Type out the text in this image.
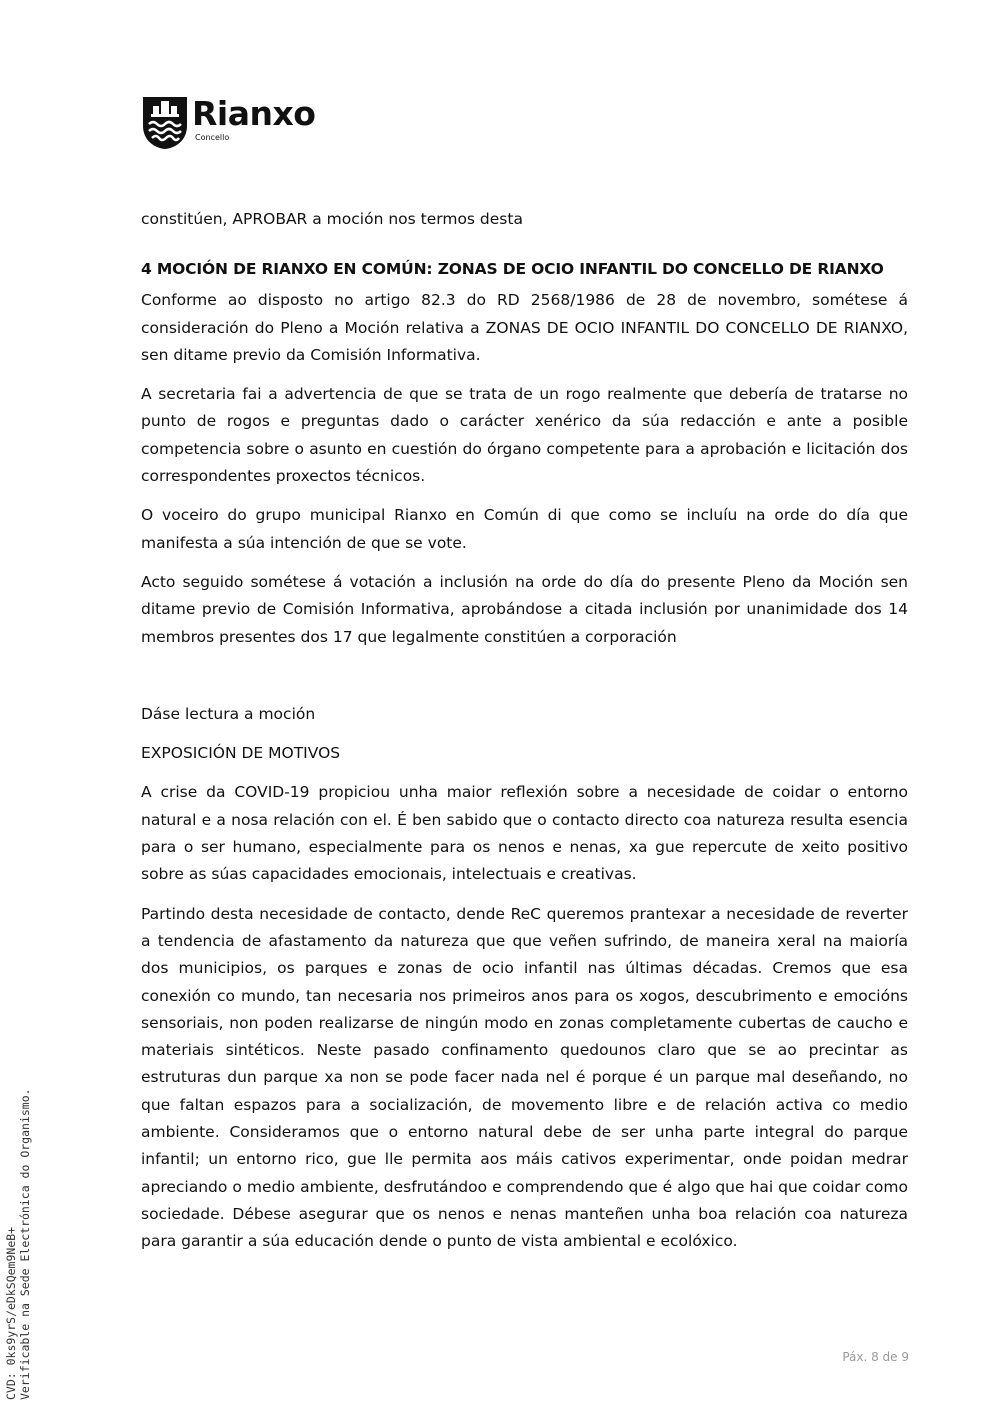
Rianxo
Concello

constitúen, APROBAR a moción nos termos desta

4 MOCIÓN DE RIANXO EN COMÚN: ZONAS DE OCIO INFANTIL DO CONCELLO DE RIANXO

Conforme ao disposto no artigo 82.3 do RD 2568/1986 de 28 de novembro, sométese á consideración do Pleno a Moción relativa a ZONAS DE OCIO INFANTIL DO CONCELLO DE RIANXO, sen ditame previo da Comisión Informativa.

A secretaria fai a advertencia de que se trata de un rogo realmente que debería de tratarse no punto de rogos e preguntas dado o carácter xenérico da súa redacción e ante a posible competencia sobre o asunto en cuestión do órgano competente para a aprobación e licitación dos correspondentes proxectos técnicos.

O voceiro do grupo municipal Rianxo en Común di que como se incluíu na orde do día que manifesta a súa intención de que se vote.

Acto seguido sométese á votación a inclusión na orde do día do presente Pleno da Moción sen ditame previo de Comisión Informativa, aprobándose a citada inclusión por unanimidade dos 14 membros presentes dos 17 que legalmente constitúen a corporación

Dáse lectura a moción

EXPOSICIÓN DE MOTIVOS

A crise da COVID-19 propiciou unha maior reflexión sobre a necesidade de coidar o entorno natural e a nosa relación con el. É ben sabido que o contacto directo coa natureza resulta esencia para o ser humano, especialmente para os nenos e nenas, xa gue repercute de xeito positivo sobre as súas capacidades emocionais, intelectuais e creativas.

Partindo desta necesidade de contacto, dende ReC queremos prantexar a necesidade de reverter a tendencia de afastamento da natureza que que veñen sufrindo, de maneira xeral na maioría dos municipios, os parques e zonas de ocio infantil nas últimas décadas. Cremos que esa conexión co mundo, tan necesaria nos primeiros anos para os xogos, descubrimento e emocións sensoriais, non poden realizarse de ningún modo en zonas completamente cubertas de caucho e materiais sintéticos. Neste pasado confinamento quedounos claro que se ao precintar as estruturas dun parque xa non se pode facer nada nel é porque é un parque mal deseñando, no que faltan espazos para a socialización, de movemento libre e de relación activa co medio ambiente. Consideramos que o entorno natural debe de ser unha parte integral do parque infantil; un entorno rico, gue lle permita aos máis cativos experimentar, onde poidan medrar apreciando o medio ambiente, desfrutándoo e comprendendo que é algo que hai que coidar como sociedade. Débese asegurar que os nenos e nenas manteñen unha boa relación coa natureza para garantir a súa educación dende o punto de vista ambiental e ecolóxico.

Páx. 8 de 9
CVD: 0ks9yrS/eDkSQem9NeB+ Verificable na Sede Electrónica do Organismo.
